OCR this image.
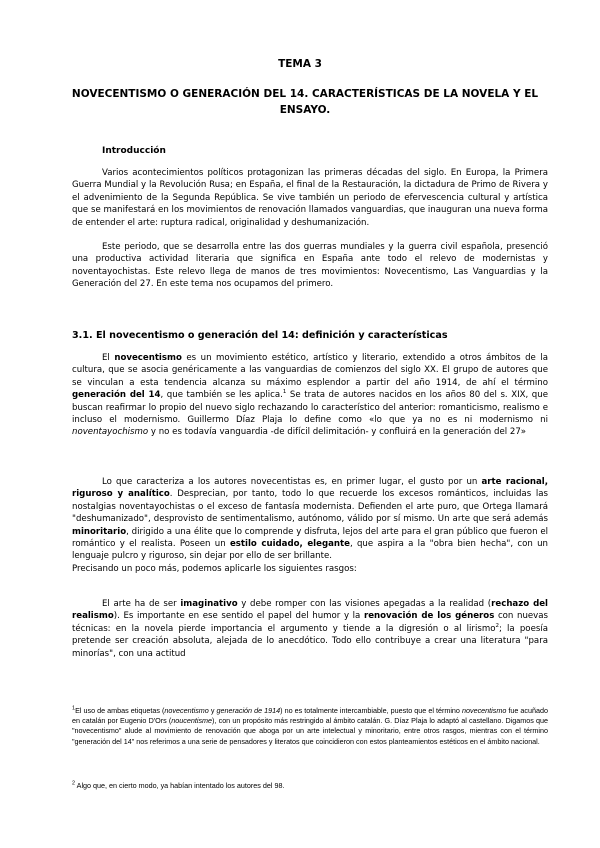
TEMA 3
NOVECENTISMO O GENERACIÓN DEL 14. CARACTERÍSTICAS DE LA NOVELA Y EL ENSAYO.
Introducción
Varios acontecimientos políticos protagonizan las primeras décadas del siglo. En Europa, la Primera Guerra Mundial y la Revolución Rusa; en España, el final de la Restauración, la dictadura de Primo de Rivera y el advenimiento de la Segunda República. Se vive también un periodo de efervescencia cultural y artística que se manifestará en los movimientos de renovación llamados vanguardias, que inauguran una nueva forma de entender el arte: ruptura radical, originalidad y deshumanización.
Este periodo, que se desarrolla entre las dos guerras mundiales y la guerra civil española, presenció una productiva actividad literaria que significa en España ante todo el relevo de modernistas y noventayochistas. Este relevo llega de manos de tres movimientos: Novecentismo, Las Vanguardias y la Generación del 27. En este tema nos ocupamos del primero.
3.1. El novecentismo o generación del 14: definición y características
El novecentismo es un movimiento estético, artístico y literario, extendido a otros ámbitos de la cultura, que se asocia genéricamente a las vanguardias de comienzos del siglo XX. El grupo de autores que se vinculan a esta tendencia alcanza su máximo esplendor a partir del año 1914, de ahí el término generación del 14, que también se les aplica.$^1$ Se trata de autores nacidos en los años 80 del s. XIX, que buscan reafirmar lo propio del nuevo siglo rechazando lo característico del anterior: romanticismo, realismo e incluso el modernismo. Guillermo Díaz Plaja lo define como «lo que ya no es ni modernismo ni noventayochismo y no es todavía vanguardia -de difícil delimitación- y confluirá en la generación del 27»
Lo que caracteriza a los autores novecentistas es, en primer lugar, el gusto por un arte racional, riguroso y analítico. Desprecian, por tanto, todo lo que recuerde los excesos románticos, incluidas las nostalgias noventayochistas o el exceso de fantasía modernista. Defienden el arte puro, que Ortega llamará "deshumanizado", desprovisto de sentimentalismo, autónomo, válido por sí mismo. Un arte que será además minoritario, dirigido a una élite que lo comprende y disfruta, lejos del arte para el gran público que fueron el romántico y el realista. Poseen un estilo cuidado, elegante, que aspira a la "obra bien hecha", con un lenguaje pulcro y riguroso, sin dejar por ello de ser brillante.
Precisando un poco más, podemos aplicarle los siguientes rasgos:
El arte ha de ser imaginativo y debe romper con las visiones apegadas a la realidad (rechazo del realismo). Es importante en ese sentido el papel del humor y la renovación de los géneros con nuevas técnicas: en la novela pierde importancia el argumento y tiende a la digresión o al lirismo$^2$; la poesía pretende ser creación absoluta, alejada de lo anecdótico. Todo ello contribuye a crear una literatura "para minorías", con una actitud
$^1$El uso de ambas etiquetas (novecentismo y generación de 1914) no es totalmente intercambiable, puesto que el término novecentismo fue acuñado en catalán por Eugenio D'Ors (noucentisme), con un propósito más restringido al ámbito catalán. G. Díaz Plaja lo adaptó al castellano. Digamos que "novecentismo" alude al movimiento de renovación que aboga por un arte intelectual y minoritario, entre otros rasgos, mientras con el término "generación del 14" nos referimos a una serie de pensadores y literatos que coincidieron con estos planteamientos estéticos en el ámbito nacional.
$^2$ Algo que, en cierto modo, ya habían intentado los autores del 98.
